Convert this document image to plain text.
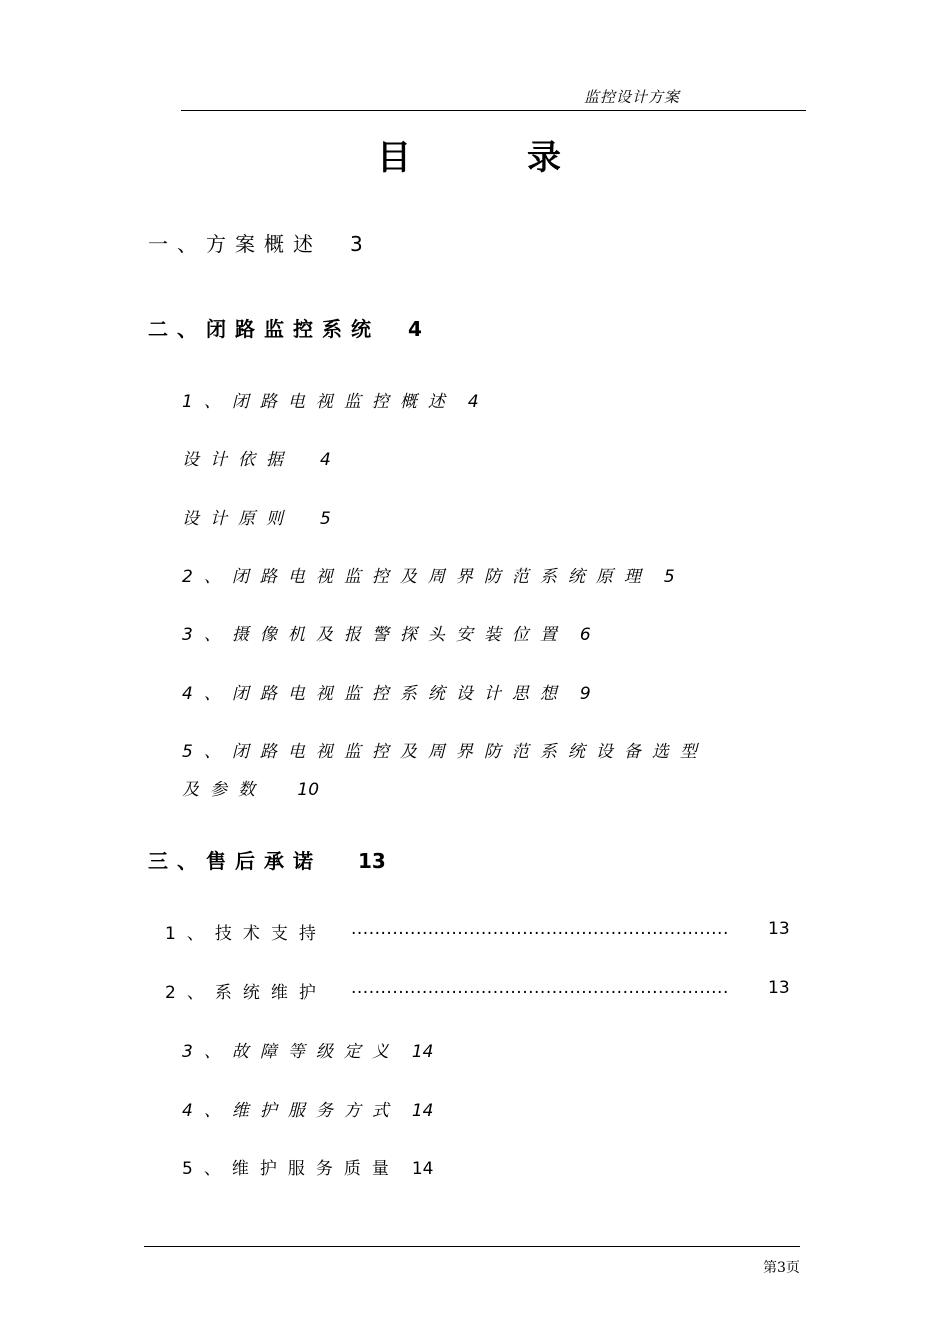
监控设计方案
目	录
一、方案概述 3
二、闭路监控系统 4
1、闭路电视监控概述 4
设计依据 4
设计原则 5
2、闭路电视监控及周界防范系统原理 5
3、摄像机及报警探头安装位置 6
4、闭路电视监控系统设计思想 9
5、闭路电视监控及周界防范系统设备选型
及参数 10
三、售后承诺 13
1、技术支持 ................................................................ 13
2、系统维护 ................................................................ 13
3、故障等级定义 14
4、维护服务方式 14
5、维护服务质量 14
第3页
